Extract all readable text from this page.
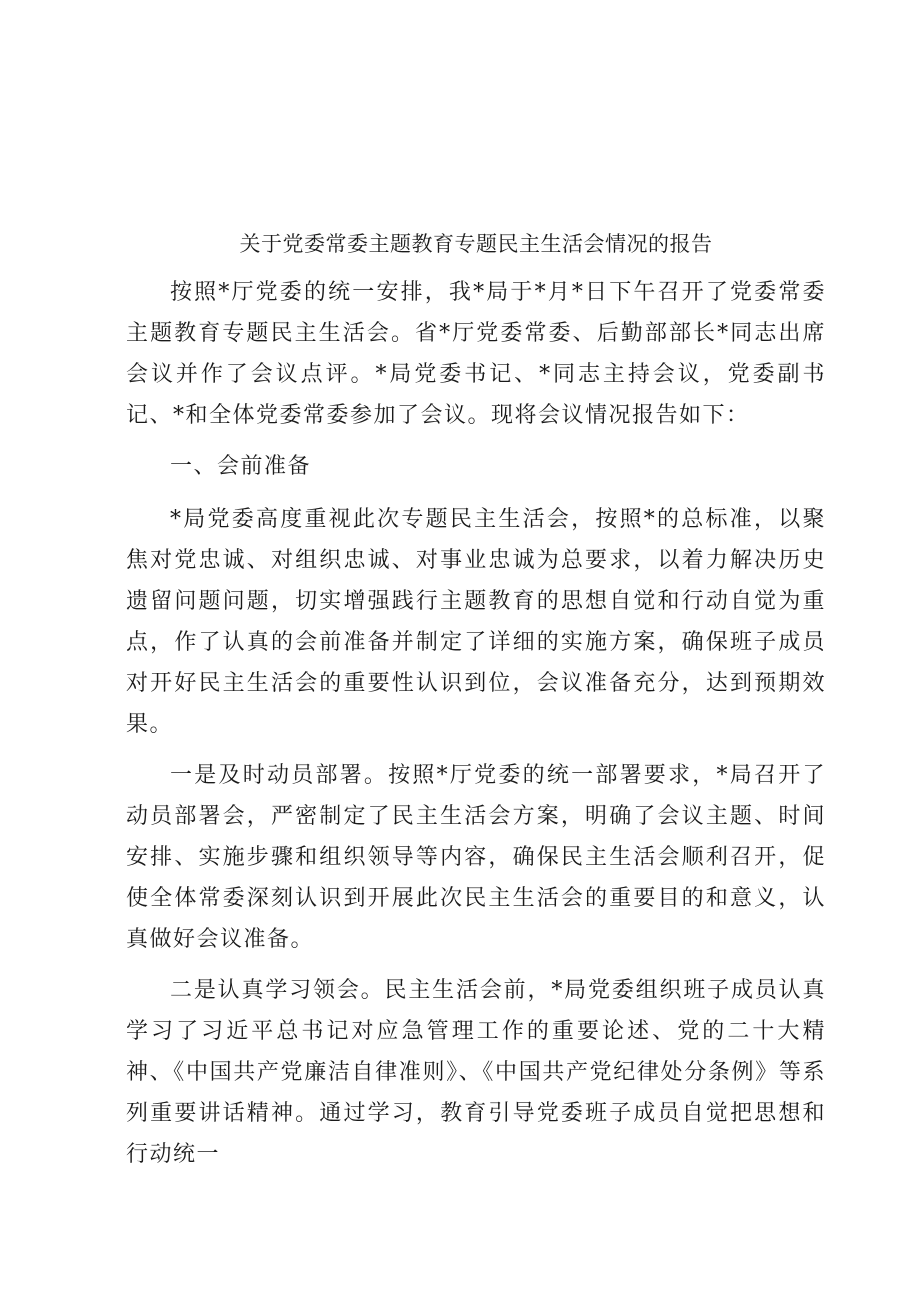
关于党委常委主题教育专题民主生活会情况的报告

按照*厅党委的统一安排，我*局于*月*日下午召开了党委常委主题教育专题民主生活会。省*厅党委常委、后勤部部长*同志出席会议并作了会议点评。*局党委书记、*同志主持会议，党委副书记、*和全体党委常委参加了会议。现将会议情况报告如下：

一、会前准备

*局党委高度重视此次专题民主生活会，按照*的总标准，以聚焦对党忠诚、对组织忠诚、对事业忠诚为总要求，以着力解决历史遗留问题问题，切实增强践行主题教育的思想自觉和行动自觉为重点，作了认真的会前准备并制定了详细的实施方案，确保班子成员对开好民主生活会的重要性认识到位，会议准备充分，达到预期效果。

一是及时动员部署。按照*厅党委的统一部署要求，*局召开了动员部署会，严密制定了民主生活会方案，明确了会议主题、时间安排、实施步骤和组织领导等内容，确保民主生活会顺利召开，促使全体常委深刻认识到开展此次民主生活会的重要目的和意义，认真做好会议准备。

二是认真学习领会。民主生活会前，*局党委组织班子成员认真学习了习近平总书记对应急管理工作的重要论述、党的二十大精神、《中国共产党廉洁自律准则》、《中国共产党纪律处分条例》等系列重要讲话精神。通过学习，教育引导党委班子成员自觉把思想和行动统一
